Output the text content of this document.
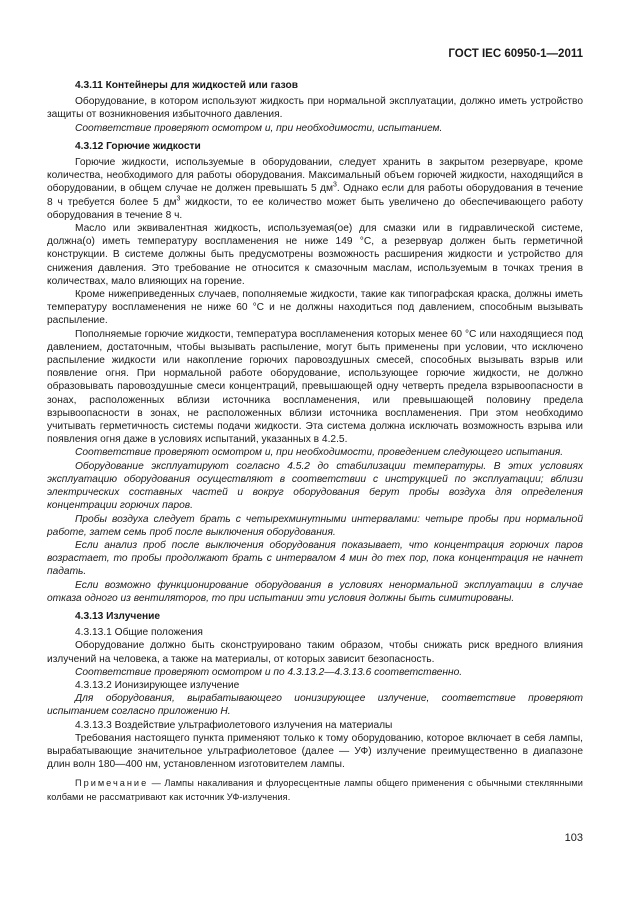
ГОСТ IEC 60950-1—2011

4.3.11 Контейнеры для жидкостей или газов

Оборудование, в котором используют жидкость при нормальной эксплуатации, должно иметь устройство защиты от возникновения избыточного давления.

Соответствие проверяют осмотром и, при необходимости, испытанием.

4.3.12 Горючие жидкости

Горючие жидкости, используемые в оборудовании, следует хранить в закрытом резервуаре, кроме количества, необходимого для работы оборудования. Максимальный объем горючей жидкости, находящийся в оборудовании, в общем случае не должен превышать 5 $дм^3$. Однако если для работы оборудования в течение 8 ч требуется более 5 $дм^3$ жидкости, то ее количество может быть увеличено до обеспечивающего работу оборудования в течение 8 ч.

Масло или эквивалентная жидкость, используемая(ое) для смазки или в гидравлической системе, должна(о) иметь температуру воспламенения не ниже 149 °С, а резервуар должен быть герметичной конструкции. В системе должны быть предусмотрены возможность расширения жидкости и устройство для снижения давления. Это требование не относится к смазочным маслам, используемым в точках трения в количествах, мало влияющих на горение.

Кроме нижеприведенных случаев, пополняемые жидкости, такие как типографская краска, должны иметь температуру воспламенения не ниже 60 °С и не должны находиться под давлением, способным вызывать распыление.

Пополняемые горючие жидкости, температура воспламенения которых менее 60 °С или находящиеся под давлением, достаточным, чтобы вызывать распыление, могут быть применены при условии, что исключено распыление жидкости или накопление горючих паровоздушных смесей, способных вызывать взрыв или появление огня. При нормальной работе оборудование, использующее горючие жидкости, не должно образовывать паровоздушные смеси концентраций, превышающей одну четверть предела взрывоопасности в зонах, расположенных вблизи источника воспламенения, или превышающей половину предела взрывоопасности в зонах, не расположенных вблизи источника воспламенения. При этом необходимо учитывать герметичность системы подачи жидкости. Эта система должна исключать возможность взрыва или появления огня даже в условиях испытаний, указанных в 4.2.5.

Соответствие проверяют осмотром и, при необходимости, проведением следующего испытания.

Оборудование эксплуатируют согласно 4.5.2 до стабилизации температуры. В этих условиях эксплуатацию оборудования осуществляют в соответствии с инструкцией по эксплуатации; вблизи электрических составных частей и вокруг оборудования берут пробы воздуха для определения концентрации горючих паров.

Пробы воздуха следует брать с четырехминутными интервалами: четыре пробы при нормальной работе, затем семь проб после выключения оборудования.

Если анализ проб после выключения оборудования показывает, что концентрация горючих паров возрастает, то пробы продолжают брать с интервалом 4 мин до тех пор, пока концентрация не начнет падать.

Если возможно функционирование оборудования в условиях ненормальной эксплуатации в случае отказа одного из вентиляторов, то при испытании эти условия должны быть симитированы.

4.3.13 Излучение

4.3.13.1 Общие положения

Оборудование должно быть сконструировано таким образом, чтобы снижать риск вредного влияния излучений на человека, а также на материалы, от которых зависит безопасность.

Соответствие проверяют осмотром и по 4.3.13.2—4.3.13.6 соответственно.

4.3.13.2 Ионизирующее излучение

Для оборудования, вырабатывающего ионизирующее излучение, соответствие проверяют испытанием согласно приложению Н.

4.3.13.3 Воздействие ультрафиолетового излучения на материалы

Требования настоящего пункта применяют только к тому оборудованию, которое включает в себя лампы, вырабатывающие значительное ультрафиолетовое (далее — УФ) излучение преимущественно в диапазоне длин волн 180—400 нм, установленном изготовителем лампы.

Примечание — Лампы накаливания и флуоресцентные лампы общего применения с обычными стеклянными колбами не рассматривают как источник УФ-излучения.

103
